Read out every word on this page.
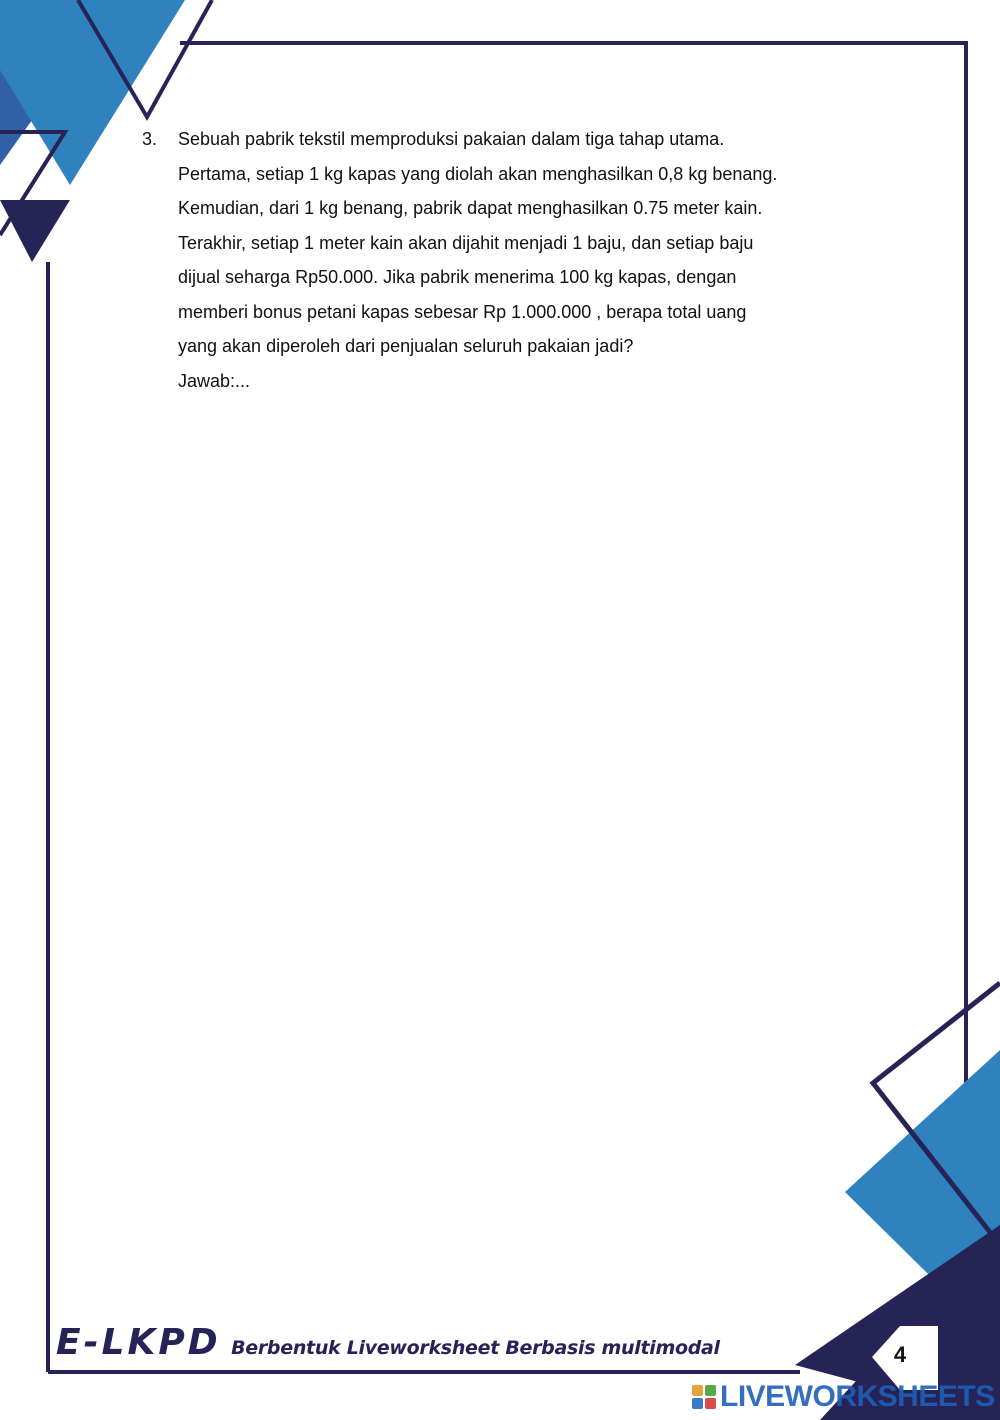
3. Sebuah pabrik tekstil memproduksi pakaian dalam tiga tahap utama.
Pertama, setiap 1 kg kapas yang diolah akan menghasilkan 0,8 kg benang.
Kemudian, dari 1 kg benang, pabrik dapat menghasilkan 0.75 meter kain.
Terakhir, setiap 1 meter kain akan dijahit menjadi 1 baju, dan setiap baju
dijual seharga Rp50.000. Jika pabrik menerima 100 kg kapas, dengan
memberi bonus petani kapas sebesar Rp 1.000.000 , berapa total uang
yang akan diperoleh dari penjualan seluruh pakaian jadi?
Jawab:...
E-LKPD Berbentuk Liveworksheet Berbasis multimodal	4
LIVEWORKSHEETS
